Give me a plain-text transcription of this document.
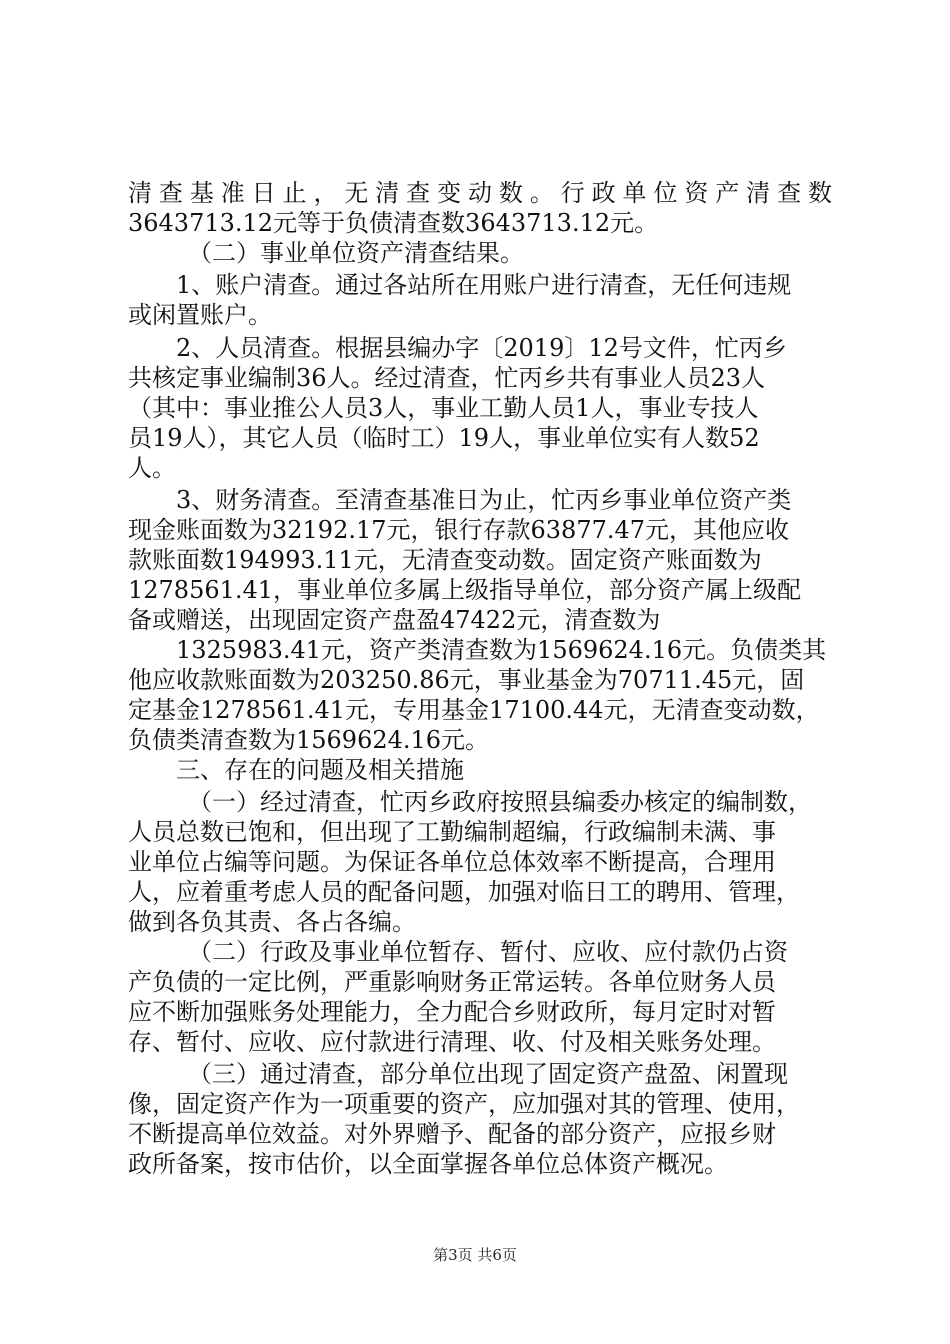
清查基准日止，无清查变动数。行政单位资产清查数
3643713.12元等于负债清查数3643713.12元。
（二）事业单位资产清查结果。
1、账户清查。通过各站所在用账户进行清查，无任何违规
或闲置账户。
2、人员清查。根据县编办字〔2019〕12号文件，忙丙乡
共核定事业编制36人。经过清查，忙丙乡共有事业人员23人
（其中：事业推公人员3人，事业工勤人员1人，事业专技人
员19人），其它人员（临时工）19人，事业单位实有人数52
人。
3、财务清查。至清查基准日为止，忙丙乡事业单位资产类
现金账面数为32192.17元，银行存款63877.47元，其他应收
款账面数194993.11元，无清查变动数。固定资产账面数为
1278561.41，事业单位多属上级指导单位，部分资产属上级配
备或赠送，出现固定资产盘盈47422元，清查数为
1325983.41元，资产类清查数为1569624.16元。负债类其
他应收款账面数为203250.86元，事业基金为70711.45元，固
定基金1278561.41元，专用基金17100.44元，无清查变动数，
负债类清查数为1569624.16元。
三、存在的问题及相关措施
（一）经过清查，忙丙乡政府按照县编委办核定的编制数，
人员总数已饱和，但出现了工勤编制超编，行政编制未满、事
业单位占编等问题。为保证各单位总体效率不断提高，合理用
人，应着重考虑人员的配备问题，加强对临日工的聘用、管理，
做到各负其责、各占各编。
（二）行政及事业单位暂存、暂付、应收、应付款仍占资
产负债的一定比例，严重影响财务正常运转。各单位财务人员
应不断加强账务处理能力，全力配合乡财政所，每月定时对暂
存、暂付、应收、应付款进行清理、收、付及相关账务处理。
（三）通过清查，部分单位出现了固定资产盘盈、闲置现
像，固定资产作为一项重要的资产，应加强对其的管理、使用，
不断提高单位效益。对外界赠予、配备的部分资产，应报乡财
政所备案，按市估价，以全面掌握各单位总体资产概况。
第3页 共6页
